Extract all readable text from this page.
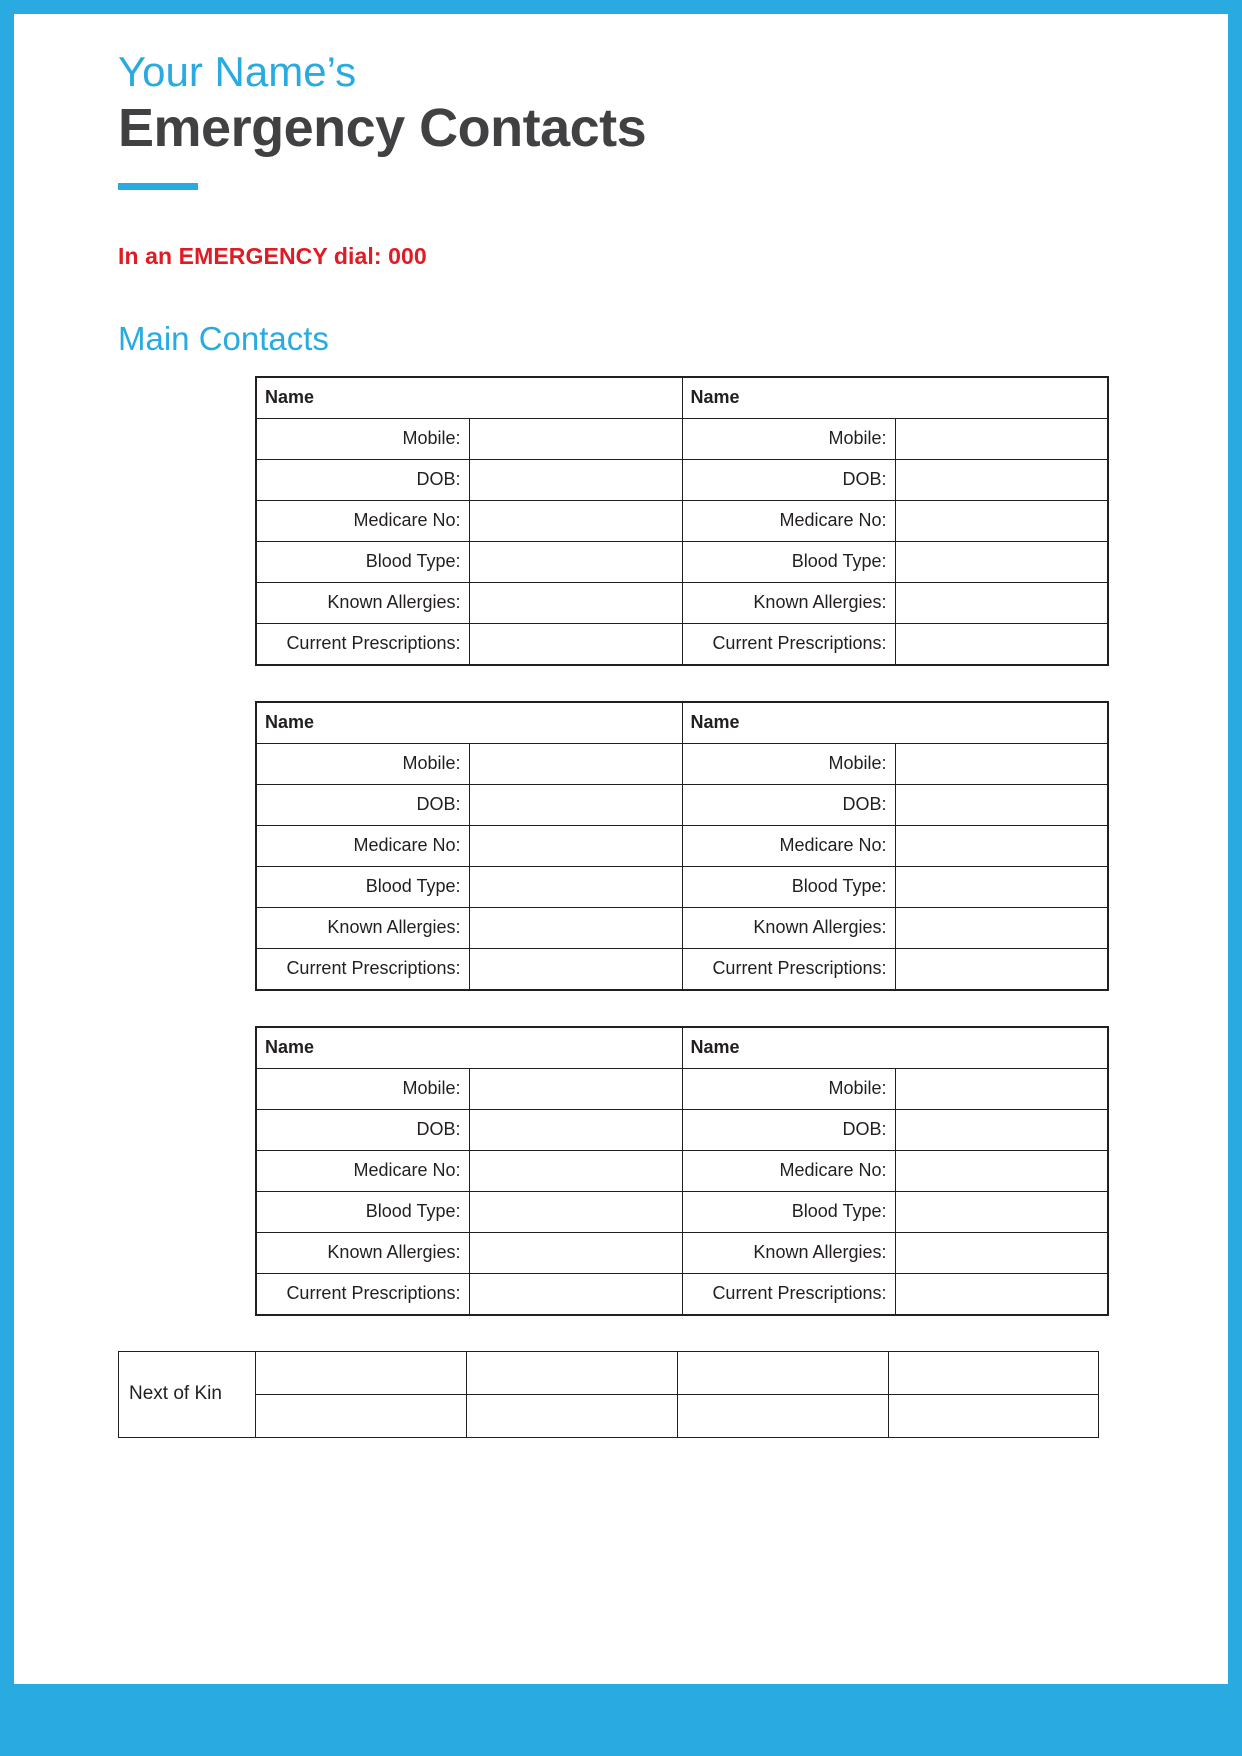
Your Name’s
Emergency Contacts
In an EMERGENCY dial: 000
Main Contacts
Name		Name	
Mobile:		Mobile:	
DOB:		DOB:	
Medicare No:		Medicare No:	
Blood Type:		Blood Type:	
Known Allergies:		Known Allergies:	
Current Prescriptions:		Current Prescriptions:	
Name		Name	
Mobile:		Mobile:	
DOB:		DOB:	
Medicare No:		Medicare No:	
Blood Type:		Blood Type:	
Known Allergies:		Known Allergies:	
Current Prescriptions:		Current Prescriptions:	
Name		Name	
Mobile:		Mobile:	
DOB:		DOB:	
Medicare No:		Medicare No:	
Blood Type:		Blood Type:	
Known Allergies:		Known Allergies:	
Current Prescriptions:		Current Prescriptions:	
Next of Kin				
